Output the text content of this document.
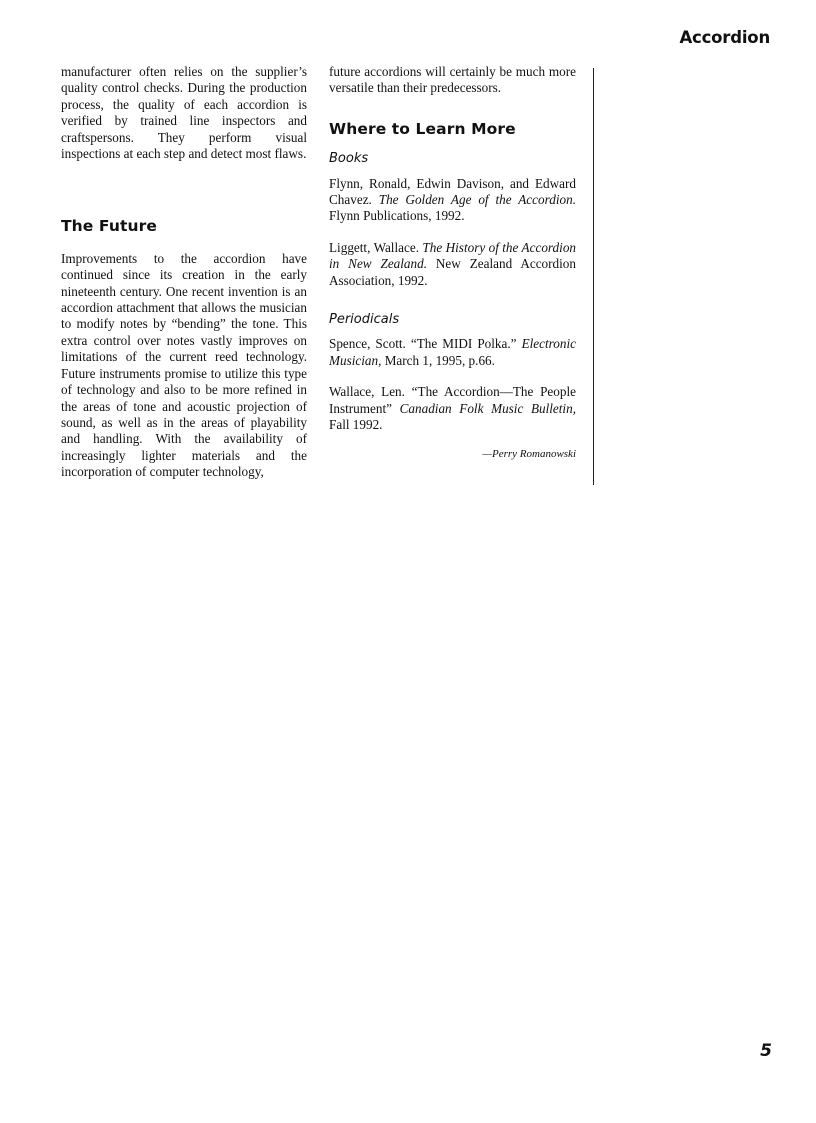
Accordion

manufacturer often relies on the supplier’s quality control checks. During the production process, the quality of each accordion is verified by trained line inspectors and craftspersons. They perform visual inspections at each step and detect most flaws.

The Future

Improvements to the accordion have continued since its creation in the early nineteenth century. One recent invention is an accordion attachment that allows the musician to modify notes by “bending” the tone. This extra control over notes vastly improves on limitations of the current reed technology. Future instruments promise to utilize this type of technology and also to be more refined in the areas of tone and acoustic projection of sound, as well as in the areas of playability and handling. With the availability of increasingly lighter materials and the incorporation of computer technology,

future accordions will certainly be much more versatile than their predecessors.

Where to Learn More
Books

Flynn, Ronald, Edwin Davison, and Edward Chavez. The Golden Age of the Accordion. Flynn Publications, 1992.

Liggett, Wallace. The History of the Accordion in New Zealand. New Zealand Accordion Association, 1992.

Periodicals

Spence, Scott. “The MIDI Polka.” Electronic Musician, March 1, 1995, p.66.

Wallace, Len. “The Accordion—The People Instrument” Canadian Folk Music Bulletin, Fall 1992.

—Perry Romanowski
5
